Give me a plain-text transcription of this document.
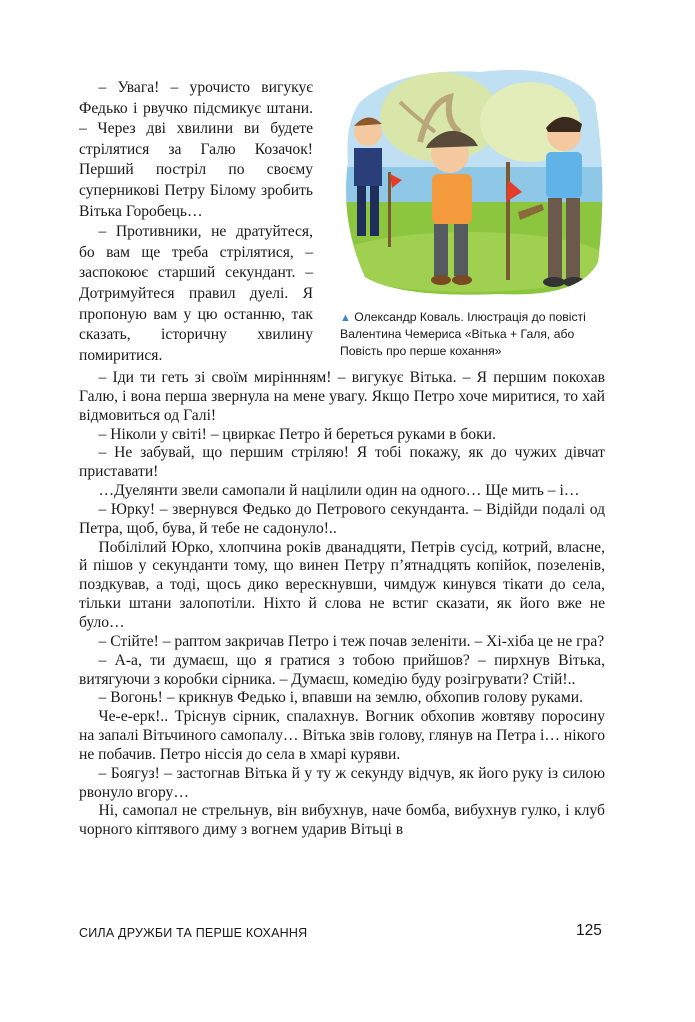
– Увага! – урочисто вигукує Федько і рвучко підсмикує штани. – Через дві хвилини ви будете стрілятися за Галю Козачок! Перший постріл по своєму суперникові Петру Білому зробить Вітька Горобець…

– Противники, не дратуйтеся, бо вам ще треба стрілятися, – заспокоює старший секундант. – Дотримуйтеся правил дуелі. Я пропоную вам у цю останню, так сказать, історичну хвилину помиритися.

▲ Олександр Коваль. Ілюстрація до повісті Валентина Чемериса «Вітька + Галя, або Повість про перше кохання»

– Іди ти геть зі своїм миріннням! – вигукує Вітька. – Я першим покохав Галю, і вона перша звернула на мене увагу. Якщо Петро хоче миритися, то хай відмовиться од Галі!

– Ніколи у світі! – цвиркає Петро й береться руками в боки.

– Не забувай, що першим стріляю! Я тобі покажу, як до чужих дівчат приставати!

…Дуелянти звели самопали й націлили один на одного… Ще мить – і…

– Юрку! – звернувся Федько до Петрового секунданта. – Відійди подалі од Петра, щоб, бува, й тебе не садонуло!..

Побілілий Юрко, хлопчина років дванадцяти, Петрів сусід, котрий, власне, й пішов у секунданти тому, що винен Петру п’ятнадцять копійок, позеленів, поздкував, а тоді, щось дико верескнувши, чимдуж кинувся тікати до села, тільки штани залопотіли. Ніхто й слова не встиг сказати, як його вже не було…

– Стійте! – раптом закричав Петро і теж почав зеленіти. – Хі-хіба це не гра?

– А-а, ти думаєш, що я гратися з тобою прийшов? – пирхнув Вітька, витягуючи з коробки сірника. – Думаєш, комедію буду розігрувати? Стій!..

– Вогонь! – крикнув Федько і, впавши на землю, обхопив голову руками.

Че-е-ерк!.. Тріснув сірник, спалахнув. Вогник обхопив жовтяву поросину на запалі Вітьчиного самопалу… Вітька звів голову, глянув на Петра і… нікого не побачив. Петро ніссія до села в хмарі куряви.

– Боягуз! – застогнав Вітька й у ту ж секунду відчув, як його руку із силою рвонуло вгору…

Ні, самопал не стрельнув, він вибухнув, наче бомба, вибухнув гулко, і клуб чорного кіптявого диму з вогнем ударив Вітьці в

СИЛА ДРУЖБИ ТА ПЕРШЕ КОХАННЯ	125
